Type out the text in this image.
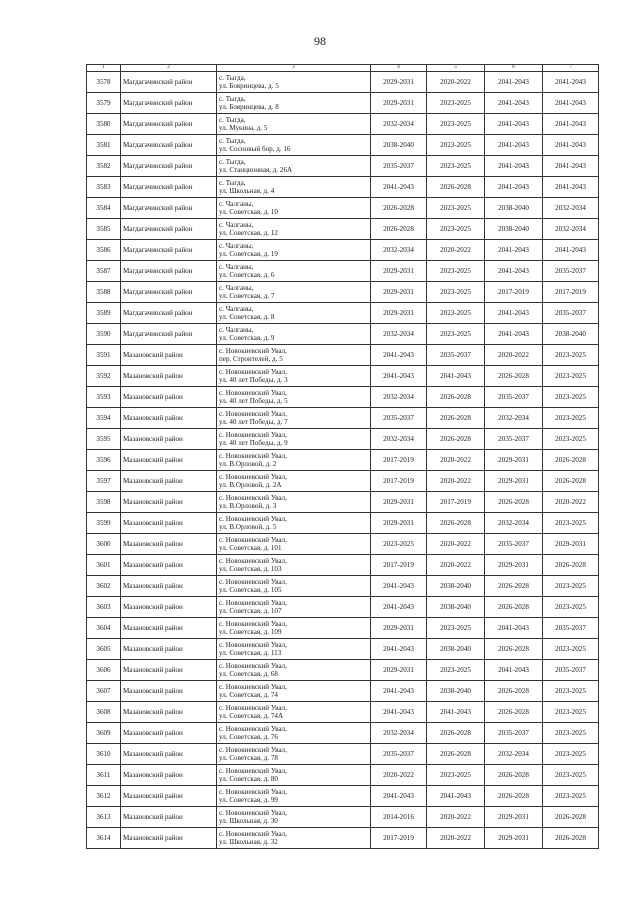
98
1	2	3	4	5	6	7
3578	Магдагачинский район	с. Тыгда,
ул. Бояринцева, д. 5	2029-2031	2020-2022	2041-2043	2041-2043
3579	Магдагачинский район	с. Тыгда,
ул. Бояринцева, д. 8	2029-2031	2023-2025	2041-2043	2041-2043
3580	Магдагачинский район	с. Тыгда,
ул. Мукина, д. 5	2032-2034	2023-2025	2041-2043	2041-2043
3581	Магдагачинский район	с. Тыгда,
ул. Сосновый бор, д. 16	2038-2040	2023-2025	2041-2043	2041-2043
3582	Магдагачинский район	с. Тыгда,
ул. Станционная, д. 26А	2035-2037	2023-2025	2041-2043	2041-2043
3583	Магдагачинский район	с. Тыгда,
ул. Школьная, д. 4	2041-2043	2026-2028	2041-2043	2041-2043
3584	Магдагачинский район	с. Чалганы,
ул. Советская, д. 10	2026-2028	2023-2025	2038-2040	2032-2034
3585	Магдагачинский район	с. Чалганы,
ул. Советская, д. 12	2026-2028	2023-2025	2038-2040	2032-2034
3586	Магдагачинский район	с. Чалганы,
ул. Советская, д. 19	2032-2034	2020-2022	2041-2043	2041-2043
3587	Магдагачинский район	с. Чалганы,
ул. Советская, д. 6	2029-2031	2023-2025	2041-2043	2035-2037
3588	Магдагачинский район	с. Чалганы,
ул. Советская, д. 7	2029-2031	2023-2025	2017-2019	2017-2019
3589	Магдагачинский район	с. Чалганы,
ул. Советская, д. 8	2029-2031	2023-2025	2041-2043	2035-2037
3590	Магдагачинский район	с. Чалганы,
ул. Советская, д. 9	2032-2034	2023-2025	2041-2043	2038-2040
3591	Мазановский район	с. Новокиевский Увал,
пер. Строителей, д. 5	2041-2043	2035-2037	2020-2022	2023-2025
3592	Мазановский район	с. Новокиевский Увал,
ул. 40 лет Победы, д. 3	2041-2043	2041-2043	2026-2028	2023-2025
3593	Мазановский район	с. Новокиевский Увал,
ул. 40 лет Победы, д. 5	2032-2034	2026-2028	2035-2037	2023-2025
3594	Мазановский район	с. Новокиевский Увал,
ул. 40 лет Победы, д. 7	2035-2037	2026-2028	2032-2034	2023-2025
3595	Мазановский район	с. Новокиевский Увал,
ул. 40 лет Победы, д. 9	2032-2034	2026-2028	2035-2037	2023-2025
3596	Мазановский район	с. Новокиевский Увал,
ул. В.Орловой, д. 2	2017-2019	2020-2022	2029-2031	2026-2028
3597	Мазановский район	с. Новокиевский Увал,
ул. В.Орловой, д. 2А	2017-2019	2020-2022	2029-2031	2026-2028
3598	Мазановский район	с. Новокиевский Увал,
ул. В.Орловой, д. 3	2029-2031	2017-2019	2026-2028	2020-2022
3599	Мазановский район	с. Новокиевский Увал,
ул. В.Орловой, д. 5	2029-2031	2026-2028	2032-2034	2023-2025
3600	Мазановский район	с. Новокиевский Увал,
ул. Советская, д. 101	2023-2025	2020-2022	2035-2037	2029-2031
3601	Мазановский район	с. Новокиевский Увал,
ул. Советская, д. 103	2017-2019	2020-2022	2029-2031	2026-2028
3602	Мазановский район	с. Новокиевский Увал,
ул. Советская, д. 105	2041-2043	2038-2040	2026-2028	2023-2025
3603	Мазановский район	с. Новокиевский Увал,
ул. Советская, д. 107	2041-2043	2038-2040	2026-2028	2023-2025
3604	Мазановский район	с. Новокиевский Увал,
ул. Советская, д. 109	2029-2031	2023-2025	2041-2043	2035-2037
3605	Мазановский район	с. Новокиевский Увал,
ул. Советская, д. 113	2041-2043	2038-2040	2026-2028	2023-2025
3606	Мазановский район	с. Новокиевский Увал,
ул. Советская, д. 68	2029-2031	2023-2025	2041-2043	2035-2037
3607	Мазановский район	с. Новокиевский Увал,
ул. Советская, д. 74	2041-2043	2038-2040	2026-2028	2023-2025
3608	Мазановский район	с. Новокиевский Увал,
ул. Советская, д. 74А	2041-2043	2041-2043	2026-2028	2023-2025
3609	Мазановский район	с. Новокиевский Увал,
ул. Советская, д. 76	2032-2034	2026-2028	2035-2037	2023-2025
3610	Мазановский район	с. Новокиевский Увал,
ул. Советская, д. 78	2035-2037	2026-2028	2032-2034	2023-2025
3611	Мазановский район	с. Новокиевский Увал,
ул. Советская, д. 80	2020-2022	2023-2025	2026-2028	2023-2025
3612	Мазановский район	с. Новокиевский Увал,
ул. Советская, д. 99	2041-2043	2041-2043	2026-2028	2023-2025
3613	Мазановский район	с. Новокиевский Увал,
ул. Школьная, д. 30	2014-2016	2020-2022	2029-2031	2026-2028
3614	Мазановский район	с. Новокиевский Увал,
ул. Школьная, д. 32	2017-2019	2020-2022	2029-2031	2026-2028
